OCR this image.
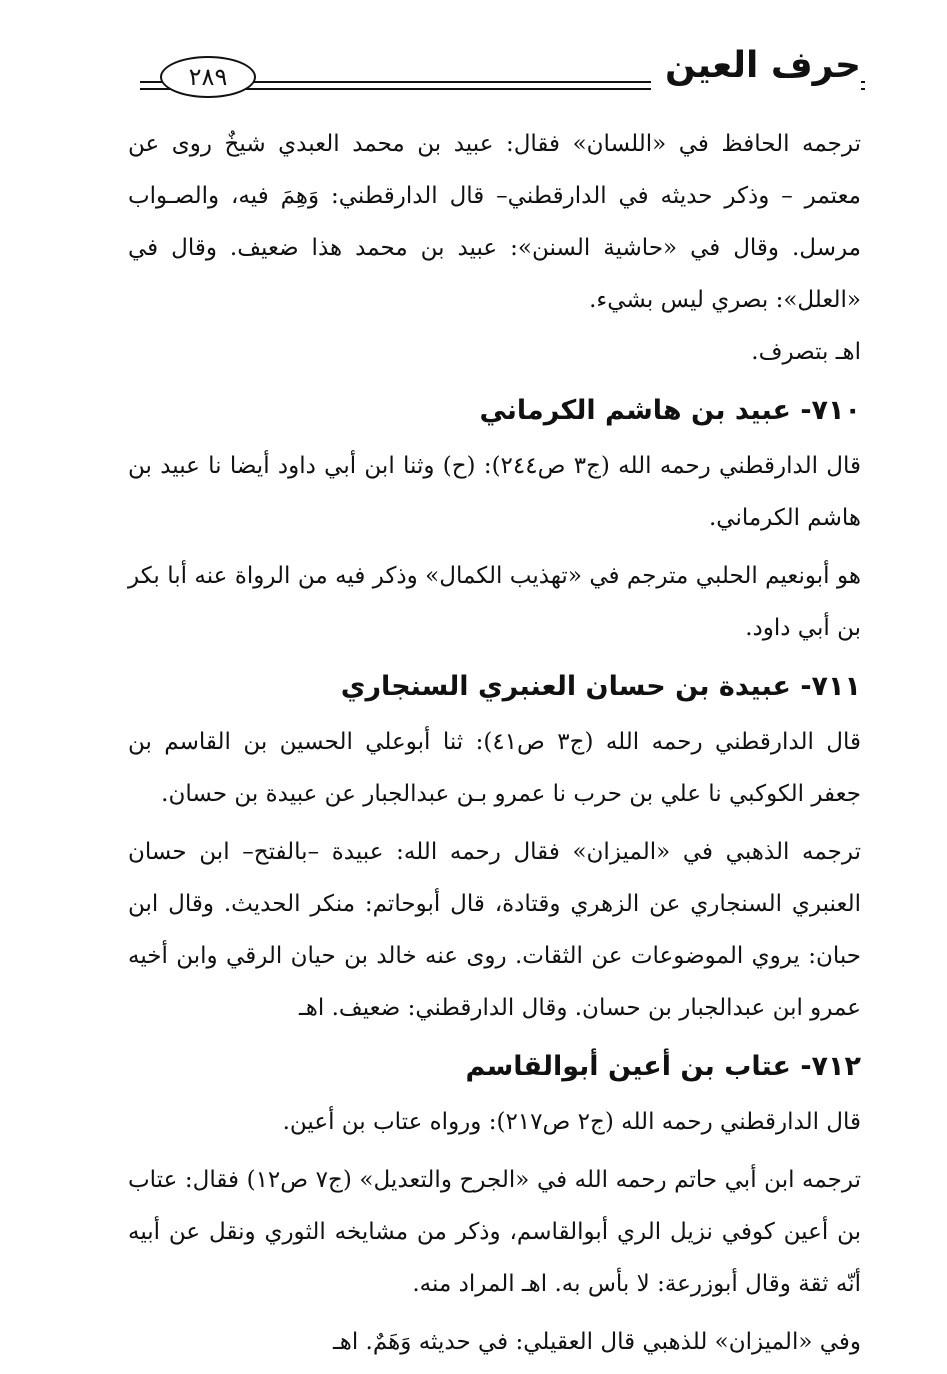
حرف العين
٢٨٩

ترجمه الحافظ في «اللسان» فقال: عبيد بن محمد العبدي شيخٌ روى عن معتمر – وذكر حديثه في الدارقطني– قال الدارقطني: وَهِمَ فيه، والصـواب مرسل. وقال في «حاشية السنن»: عبيد بن محمد هذا ضعيف. وقال في «العلل»: بصري ليس بشيء.

اهـ بتصرف.

٧١٠- عبيد بن هاشم الكرماني

قال الدارقطني رحمه الله (ج٣ ص٢٤٤): (ح) وثنا ابن أبي داود أيضا نا عبيد بن هاشم الكرماني.

هو أبونعيم الحلبي مترجم في «تهذيب الكمال» وذكر فيه من الرواة عنه أبا بكر بن أبي داود.

٧١١- عبيدة بن حسان العنبري السنجاري

قال الدارقطني رحمه الله (ج٣ ص٤١): ثنا أبوعلي الحسين بن القاسم بن جعفر الكوكبي نا علي بن حرب نا عمرو بـن عبدالجبار عن عبيدة بن حسان.

ترجمه الذهبي في «الميزان» فقال رحمه الله: عبيدة –بالفتح– ابن حسان العنبري السنجاري عن الزهري وقتادة، قال أبوحاتم: منكر الحديث. وقال ابن حبان: يروي الموضوعات عن الثقات. روى عنه خالد بن حيان الرقي وابن أخيه عمرو ابن عبدالجبار بن حسان. وقال الدارقطني: ضعيف. اهـ

٧١٢- عتاب بن أعين أبوالقاسم

قال الدارقطني رحمه الله (ج٢ ص٢١٧): ورواه عتاب بن أعين.

ترجمه ابن أبي حاتم رحمه الله في «الجرح والتعديل» (ج٧ ص١٢) فقال: عتاب بن أعين كوفي نزيل الري أبوالقاسم، وذكر من مشايخه الثوري ونقل عن أبيه أنّه ثقة وقال أبوزرعة: لا بأس به. اهـ المراد منه.

وفي «الميزان» للذهبي قال العقيلي: في حديثه وَهَمٌ. اهـ
